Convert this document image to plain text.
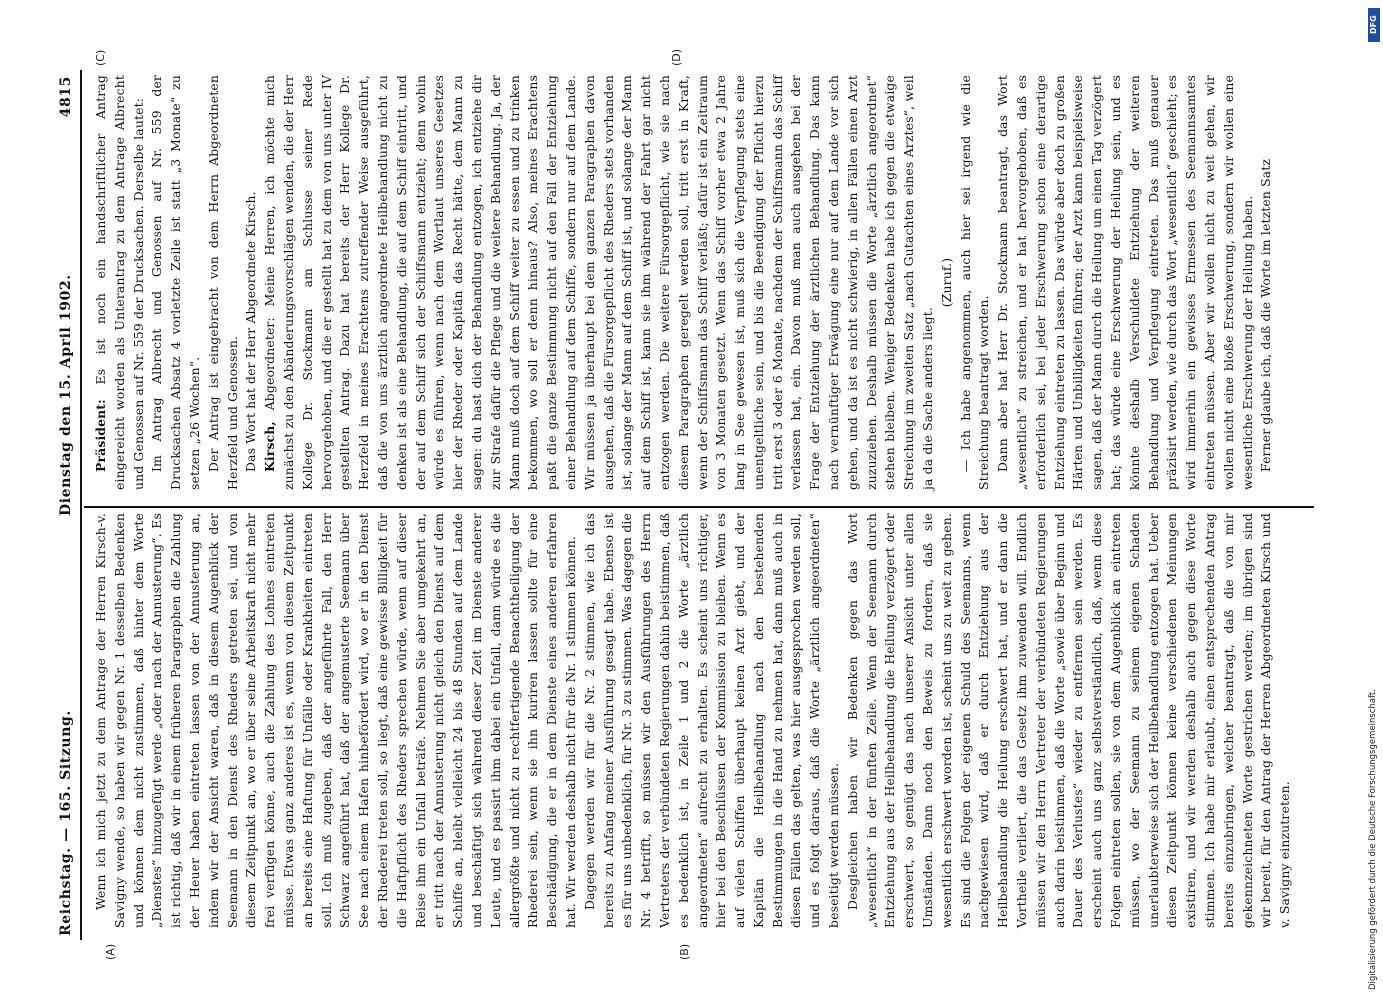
Reichstag. — 165. Sitzung.
Dienstag den 15. April 1902.
4815
(A)	(B)
(C)	(D)

Wenn ich mich jetzt zu dem Antrage der Herren Kirsch-v. Savigny wende, so haben wir gegen Nr. 1 desselben Bedenken und können dem nicht zustimmen, daß hinter dem Worte „Dienstes“ hinzugefügt werde „oder nach der Annusterung“. Es ist richtig, daß wir in einem früheren Paragraphen die Zahlung der Heuer haben eintreten lassen von der Annusterung an, indem wir der Ansicht waren, daß in diesem Augenblick der Seemann in den Dienst des Rheders getreten sei, und von diesem Zeitpunkt an, wo er über seine Arbeitskraft nicht mehr frei verfügen könne, auch die Zahlung des Lohnes eintreten müsse. Etwas ganz anderes ist es, wenn von diesem Zeitpunkt an bereits eine Haftung für Unfälle oder Krankheiten eintreten soll. Ich muß zugeben, daß der angeführte Fall, den Herr Schwarz angeführt hat, daß der angemusterte Seemann über See nach einem Hafen hinbefördert wird, wo er in den Dienst der Rhederei treten soll, so liegt, daß eine gewisse Billigkeit für die Haftpflicht des Rheders sprechen würde, wenn auf dieser Reise ihm ein Unfall beträfe. Nehmen Sie aber umgekehrt an, er tritt nach der Annusterung nicht gleich den Dienst auf dem Schiffe an, bleibt vielleicht 24 bis 48 Stunden auf dem Lande und beschäftigt sich während dieser Zeit im Dienste anderer Leute, und es passirt ihm dabei ein Unfall, dann würde es die allergrößte und nicht zu rechtfertigende Benachtheiligung der Rhederei sein, wenn sie ihn kuriren lassen sollte für eine Beschädigung, die er in dem Dienste eines anderen erfahren hat. Wir werden deshalb nicht für die Nr. 1 stimmen können. Dagegen werden wir für die Nr. 2 stimmen, wie ich das bereits zu Anfang meiner Ausführung gesagt habe. Ebenso ist es für uns unbedenklich, für Nr. 3 zu stimmen. Was dagegen die Nr. 4 betrifft, so müssen wir den Ausführungen des Herrn Vertreters der verbündeten Regierungen dahin beistimmen, daß es bedenklich ist, in Zeile 1 und 2 die Worte „ärztlich angeordneten“ aufrecht zu erhalten. Es scheint uns richtiger, hier bei den Beschlüssen der Kommission zu bleiben. Wenn es auf vielen Schiffen überhaupt keinen Arzt giebt, und der Kapitän die Heilbehandlung nach den bestehenden Bestimmungen in die Hand zu nehmen hat, dann muß auch in diesen Fällen das gelten, was hier ausgesprochen werden soll, und es folgt daraus, daß die Worte „ärztlich angeordneten“ beseitigt werden müssen. Desgleichen haben wir Bedenken gegen das Wort „wesentlich“ in der fünften Zeile. Wenn der Seemann durch Entziehung aus der Heilbehandlung die Heilung verzögert oder erschwert, so genügt das nach unserer Ansicht unter allen Umständen. Dann noch den Beweis zu fordern, daß sie wesentlich erschwert worden ist, scheint uns zu weit zu gehen. Es sind die Folgen der eigenen Schuld des Seemanns, wenn nachgewiesen wird, daß er durch Entziehung aus der Heilbehandlung die Heilung erschwert hat, und er dann die Vortheile verliert, die das Gesetz ihm zuwenden will. Endlich müssen wir den Herrn Vertreter der verbündeten Regierungen auch darin beistimmen, daß die Worte „sowie über Beginn und Dauer des Verlustes“ wieder zu entfernen sein werden. Es erscheint auch uns ganz selbstverständlich, daß, wenn diese Folgen eintreten sollen, sie von dem Augenblick an eintreten müssen, wo der Seemann zu seinem eigenen Schaden unerlaubterweise sich der Heilbehandlung entzogen hat. Ueber diesen Zeitpunkt können keine verschiedenen Meinungen existiren, und wir werden deshalb auch gegen diese Worte stimmen. Ich habe mir erlaubt, einen entsprechenden Antrag bereits einzubringen, welcher beantragt, daß die von mir gekennzeichneten Worte gestrichen werden; im übrigen sind wir bereit, für den Antrag der Herren Abgeordneten Kirsch und v. Savigny einzutreten.

Präsident: Es ist noch ein handschriftlicher Antrag eingereicht worden als Unterantrag zu dem Antrage Albrecht und Genossen auf Nr. 559 der Drucksachen. Derselbe lautet: Im Antrag Albrecht und Genossen auf Nr. 559 der Drucksachen Absatz 4 vorletzte Zeile ist statt „3 Monate“ zu setzen „26 Wochen“. Der Antrag ist eingebracht von dem Herrn Abgeordneten Herzfeld und Genossen. Das Wort hat der Herr Abgeordnete Kirsch. Kirsch, Abgeordneter: Meine Herren, ich möchte mich zunächst zu den Abänderungsvorschlägen wenden, die der Herr Kollege Dr. Stockmann am Schlusse seiner Rede hervorgehoben, und die er gestellt hat zu dem von uns unter IV gestellten Antrag. Dazu hat bereits der Herr Kollege Dr. Herzfeld in meines Erachtens zutreffender Weise ausgeführt, daß die von uns ärztlich angeordnete Heilbehandlung nicht zu denken ist als eine Behandlung, die auf dem Schiff eintritt, und der auf dem Schiff sich der Schiffsmann entzieht; denn wohin würde es führen, wenn nach dem Wortlaut unseres Gesetzes hier der Rheder oder Kapitän das Recht hätte, dem Mann zu sagen: du hast dich der Behandlung entzogen, ich entziehe dir zur Strafe dafür die Pflege und die weitere Behandlung. Ja, der Mann muß doch auf dem Schiff weiter zu essen und zu trinken bekommen, wo soll er denn hinaus? Also, meines Erachtens paßt die ganze Bestimmung nicht auf den Fall der Entziehung einer Behandlung auf dem Schiffe, sondern nur auf dem Lande. Wir müssen ja überhaupt bei dem ganzen Paragraphen davon ausgehen, daß die Fürsorgepflicht des Rheders stets vorhanden ist, solange der Mann auf dem Schiff ist, und solange der Mann auf dem Schiff ist, kann sie ihm während der Fahrt gar nicht entzogen werden. Die weitere Fürsorgepflicht, wie sie nach diesem Paragraphen geregelt werden soll, tritt erst in Kraft, wenn der Schiffsmann das Schiff verläßt; dafür ist ein Zeitraum von 3 Monaten gesetzt. Wenn das Schiff vorher etwa 2 Jahre lang in See gewesen ist, muß sich die Verpflegung stets eine unentgeltliche sein, und bis die Beendigung der Pflicht hierzu tritt erst 3 oder 6 Monate, nachdem der Schiffsmann das Schiff verlassen hat, ein. Davon muß man auch ausgehen bei der Frage der Entziehung der ärztlichen Behandlung. Das kann nach vernünftiger Erwägung eine nur auf dem Lande vor sich gehen, und da ist es nicht schwierig, in allen Fällen einen Arzt zuzuziehen. Deshalb müssen die Worte „ärztlich angeordnet“ stehen bleiben. Weniger Bedenken habe ich gegen die etwaige Streichung im zweiten Satz „nach Gutachten eines Arztes“, weil ja da die Sache anders liegt.

(Zuruf.) — Ich habe angenommen, auch hier sei irgend wie die Streichung beantragt worden. Dann aber hat Herr Dr. Stockmann beantragt, das Wort „wesentlich“ zu streichen, und er hat hervorgehoben, daß es erforderlich sei, bei jeder Erschwerung schon eine derartige Entziehung eintreten zu lassen. Das würde aber doch zu großen Härten und Unbilligkeiten führen; der Arzt kann beispielsweise sagen, daß der Mann durch die Heilung um einen Tag verzögert hat; das würde eine Erschwerung der Heilung sein, und es könnte deshalb Verschuldete Entziehung der weiteren Behandlung und Verpflegung eintreten. Das muß genauer präzisirt werden, wie durch das Wort „wesentlich“ geschieht; es wird immerhin ein gewisses Ermessen des Seemannsamtes eintreten müssen. Aber wir wollen nicht zu weit gehen, wir wollen nicht eine bloße Erschwerung, sondern wir wollen eine wesentliche Erschwerung der Heilung haben. Ferner glaube ich, daß die Worte im letzten Satz

DFG
Digitalisierung gefördert durch die Deutsche Forschungsgemeinschaft.
